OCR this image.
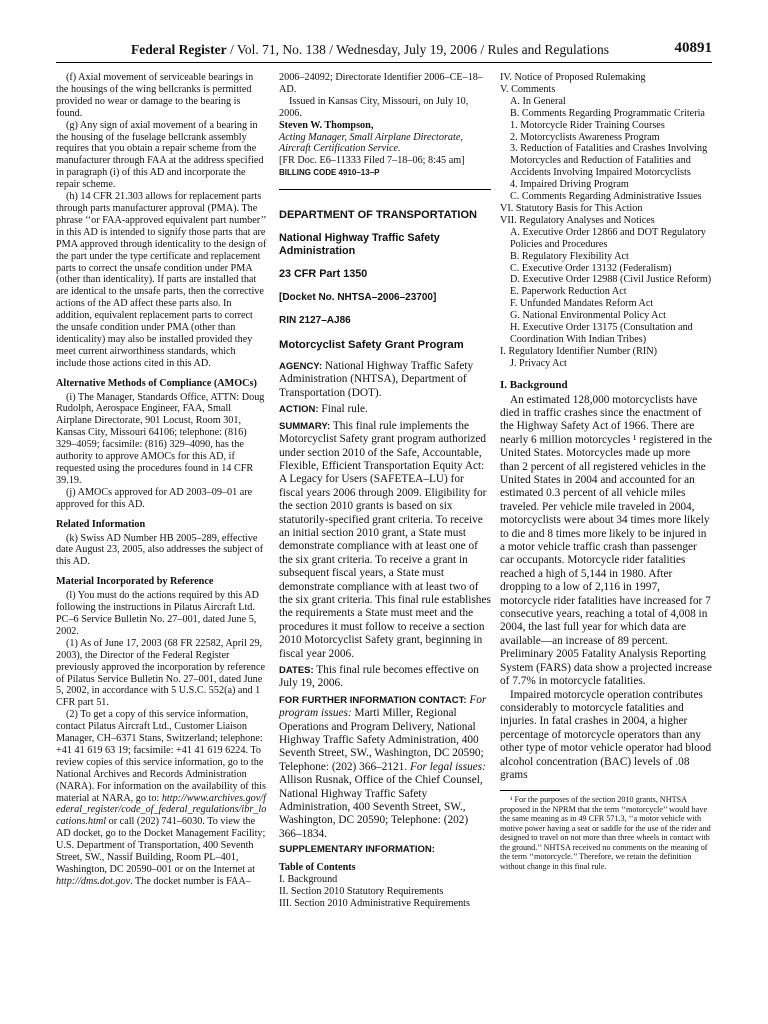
Federal Register / Vol. 71, No. 138 / Wednesday, July 19, 2006 / Rules and Regulations	40891

(f) Axial movement of serviceable bearings in the housings of the wing bellcranks is permitted provided no wear or damage to the bearing is found.

(g) Any sign of axial movement of a bearing in the housing of the fuselage bellcrank assembly requires that you obtain a repair scheme from the manufacturer through FAA at the address specified in paragraph (i) of this AD and incorporate the repair scheme.

(h) 14 CFR 21.303 allows for replacement parts through parts manufacturer approval (PMA). The phrase ‘‘or FAA-approved equivalent part number’’ in this AD is intended to signify those parts that are PMA approved through identicality to the design of the part under the type certificate and replacement parts to correct the unsafe condition under PMA (other than identicality). If parts are installed that are identical to the unsafe parts, then the corrective actions of the AD affect these parts also. In addition, equivalent replacement parts to correct the unsafe condition under PMA (other than identicality) may also be installed provided they meet current airworthiness standards, which include those actions cited in this AD.

Alternative Methods of Compliance (AMOCs)

(i) The Manager, Standards Office, ATTN: Doug Rudolph, Aerospace Engineer, FAA, Small Airplane Directorate, 901 Locust, Room 301, Kansas City, Missouri 64106; telephone: (816) 329–4059; facsimile: (816) 329–4090, has the authority to approve AMOCs for this AD, if requested using the procedures found in 14 CFR 39.19.

(j) AMOCs approved for AD 2003–09–01 are approved for this AD.

Related Information

(k) Swiss AD Number HB 2005–289, effective date August 23, 2005, also addresses the subject of this AD.

Material Incorporated by Reference

(l) You must do the actions required by this AD following the instructions in Pilatus Aircraft Ltd. PC–6 Service Bulletin No. 27–001, dated June 5, 2002.

(1) As of June 17, 2003 (68 FR 22582, April 29, 2003), the Director of the Federal Register previously approved the incorporation by reference of Pilatus Service Bulletin No. 27–001, dated June 5, 2002, in accordance with 5 U.S.C. 552(a) and 1 CFR part 51.

(2) To get a copy of this service information, contact Pilatus Aircraft Ltd., Customer Liaison Manager, CH–6371 Stans, Switzerland; telephone: +41 41 619 63 19; facsimile: +41 41 619 6224. To review copies of this service information, go to the National Archives and Records Administration (NARA). For information on the availability of this material at NARA, go to: http://www.archives.gov/federal_register/code_of_federal_regulations/ibr_locations.html or call (202) 741–6030. To view the AD docket, go to the Docket Management Facility; U.S. Department of Transportation, 400 Seventh Street, SW., Nassif Building, Room PL–401, Washington, DC 20590–001 or on the Internet at http://dms.dot.gov. The docket number is FAA–

2006–24092; Directorate Identifier 2006–CE–18–AD.

Issued in Kansas City, Missouri, on July 10, 2006.

Steven W. Thompson,

Acting Manager, Small Airplane Directorate, Aircraft Certification Service.

[FR Doc. E6–11333 Filed 7–18–06; 8:45 am]

BILLING CODE 4910–13–P

DEPARTMENT OF TRANSPORTATION
National Highway Traffic Safety Administration
23 CFR Part 1350
[Docket No. NHTSA–2006–23700]
RIN 2127–AJ86
Motorcyclist Safety Grant Program

AGENCY: National Highway Traffic Safety Administration (NHTSA), Department of Transportation (DOT).

ACTION: Final rule.

SUMMARY: This final rule implements the Motorcyclist Safety grant program authorized under section 2010 of the Safe, Accountable, Flexible, Efficient Transportation Equity Act: A Legacy for Users (SAFETEA–LU) for fiscal years 2006 through 2009. Eligibility for the section 2010 grants is based on six statutorily-specified grant criteria. To receive an initial section 2010 grant, a State must demonstrate compliance with at least one of the six grant criteria. To receive a grant in subsequent fiscal years, a State must demonstrate compliance with at least two of the six grant criteria. This final rule establishes the requirements a State must meet and the procedures it must follow to receive a section 2010 Motorcyclist Safety grant, beginning in fiscal year 2006.

DATES: This final rule becomes effective on July 19, 2006.

FOR FURTHER INFORMATION CONTACT: For program issues: Marti Miller, Regional Operations and Program Delivery, National Highway Traffic Safety Administration, 400 Seventh Street, SW., Washington, DC 20590; Telephone: (202) 366–2121. For legal issues: Allison Rusnak, Office of the Chief Counsel, National Highway Traffic Safety Administration, 400 Seventh Street, SW., Washington, DC 20590; Telephone: (202) 366–1834.

SUPPLEMENTARY INFORMATION:

Table of Contents

I. Background
II. Section 2010 Statutory Requirements
III. Section 2010 Administrative Requirements
IV. Notice of Proposed Rulemaking
V. Comments
A. In General
B. Comments Regarding Programmatic Criteria
1. Motorcycle Rider Training Courses
2. Motorcyclists Awareness Program
3. Reduction of Fatalities and Crashes Involving Motorcycles and Reduction of Fatalities and Accidents Involving Impaired Motorcyclists
4. Impaired Driving Program
C. Comments Regarding Administrative Issues
VI. Statutory Basis for This Action
VII. Regulatory Analyses and Notices
A. Executive Order 12866 and DOT Regulatory Policies and Procedures
B. Regulatory Flexibility Act
C. Executive Order 13132 (Federalism)
D. Executive Order 12988 (Civil Justice Reform)
E. Paperwork Reduction Act
F. Unfunded Mandates Reform Act
G. National Environmental Policy Act
H. Executive Order 13175 (Consultation and Coordination With Indian Tribes)
I. Regulatory Identifier Number (RIN)
J. Privacy Act
I. Background

An estimated 128,000 motorcyclists have died in traffic crashes since the enactment of the Highway Safety Act of 1966. There are nearly 6 million motorcycles ¹ registered in the United States. Motorcycles made up more than 2 percent of all registered vehicles in the United States in 2004 and accounted for an estimated 0.3 percent of all vehicle miles traveled. Per vehicle mile traveled in 2004, motorcyclists were about 34 times more likely to die and 8 times more likely to be injured in a motor vehicle traffic crash than passenger car occupants. Motorcycle rider fatalities reached a high of 5,144 in 1980. After dropping to a low of 2,116 in 1997, motorcycle rider fatalities have increased for 7 consecutive years, reaching a total of 4,008 in 2004, the last full year for which data are available—an increase of 89 percent. Preliminary 2005 Fatality Analysis Reporting System (FARS) data show a projected increase of 7.7% in motorcycle fatalities.

Impaired motorcycle operation contributes considerably to motorcycle fatalities and injuries. In fatal crashes in 2004, a higher percentage of motorcycle operators than any other type of motor vehicle operator had blood alcohol concentration (BAC) levels of .08 grams

¹ For the purposes of the section 2010 grants, NHTSA proposed in the NPRM that the term ‘‘motorcycle’’ would have the same meaning as in 49 CFR 571.3, ‘‘a motor vehicle with motive power having a seat or saddle for the use of the rider and designed to travel on not more than three wheels in contact with the ground.’’ NHTSA received no comments on the meaning of the term ‘‘motorcycle.’’ Therefore, we retain the definition without change in this final rule.
